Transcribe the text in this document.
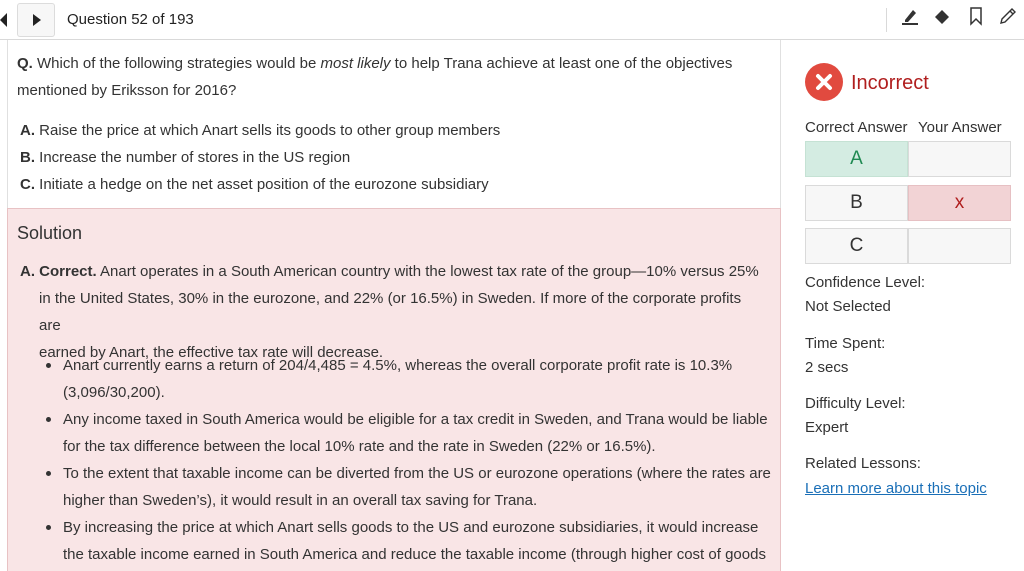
Question 52 of 193
Q. Which of the following strategies would be most likely to help Trana achieve at least one of the objectives mentioned by Eriksson for 2016?
A. Raise the price at which Anart sells its goods to other group members
B. Increase the number of stores in the US region
C. Initiate a hedge on the net asset position of the eurozone subsidiary
Solution
A. Correct. Anart operates in a South American country with the lowest tax rate of the group—10% versus 25%
in the United States, 30% in the eurozone, and 22% (or 16.5%) in Sweden. If more of the corporate profits are
earned by Anart, the effective tax rate will decrease.
Anart currently earns a return of 204/4,485 = 4.5%, whereas the overall corporate profit rate is 10.3% (3,096/30,200).
Any income taxed in South America would be eligible for a tax credit in Sweden, and Trana would be liable for the tax difference between the local 10% rate and the rate in Sweden (22% or 16.5%).
To the extent that taxable income can be diverted from the US or eurozone operations (where the rates are higher than Sweden’s), it would result in an overall tax saving for Trana.
By increasing the price at which Anart sells goods to the US and eurozone subsidiaries, it would increase the taxable income earned in South America and reduce the taxable income (through higher cost of goods
Incorrect
Correct Answer Your Answer
A
B	x
C
Confidence Level:
Not Selected
Time Spent:
2 secs
Difficulty Level:
Expert
Related Lessons:
Learn more about this topic
